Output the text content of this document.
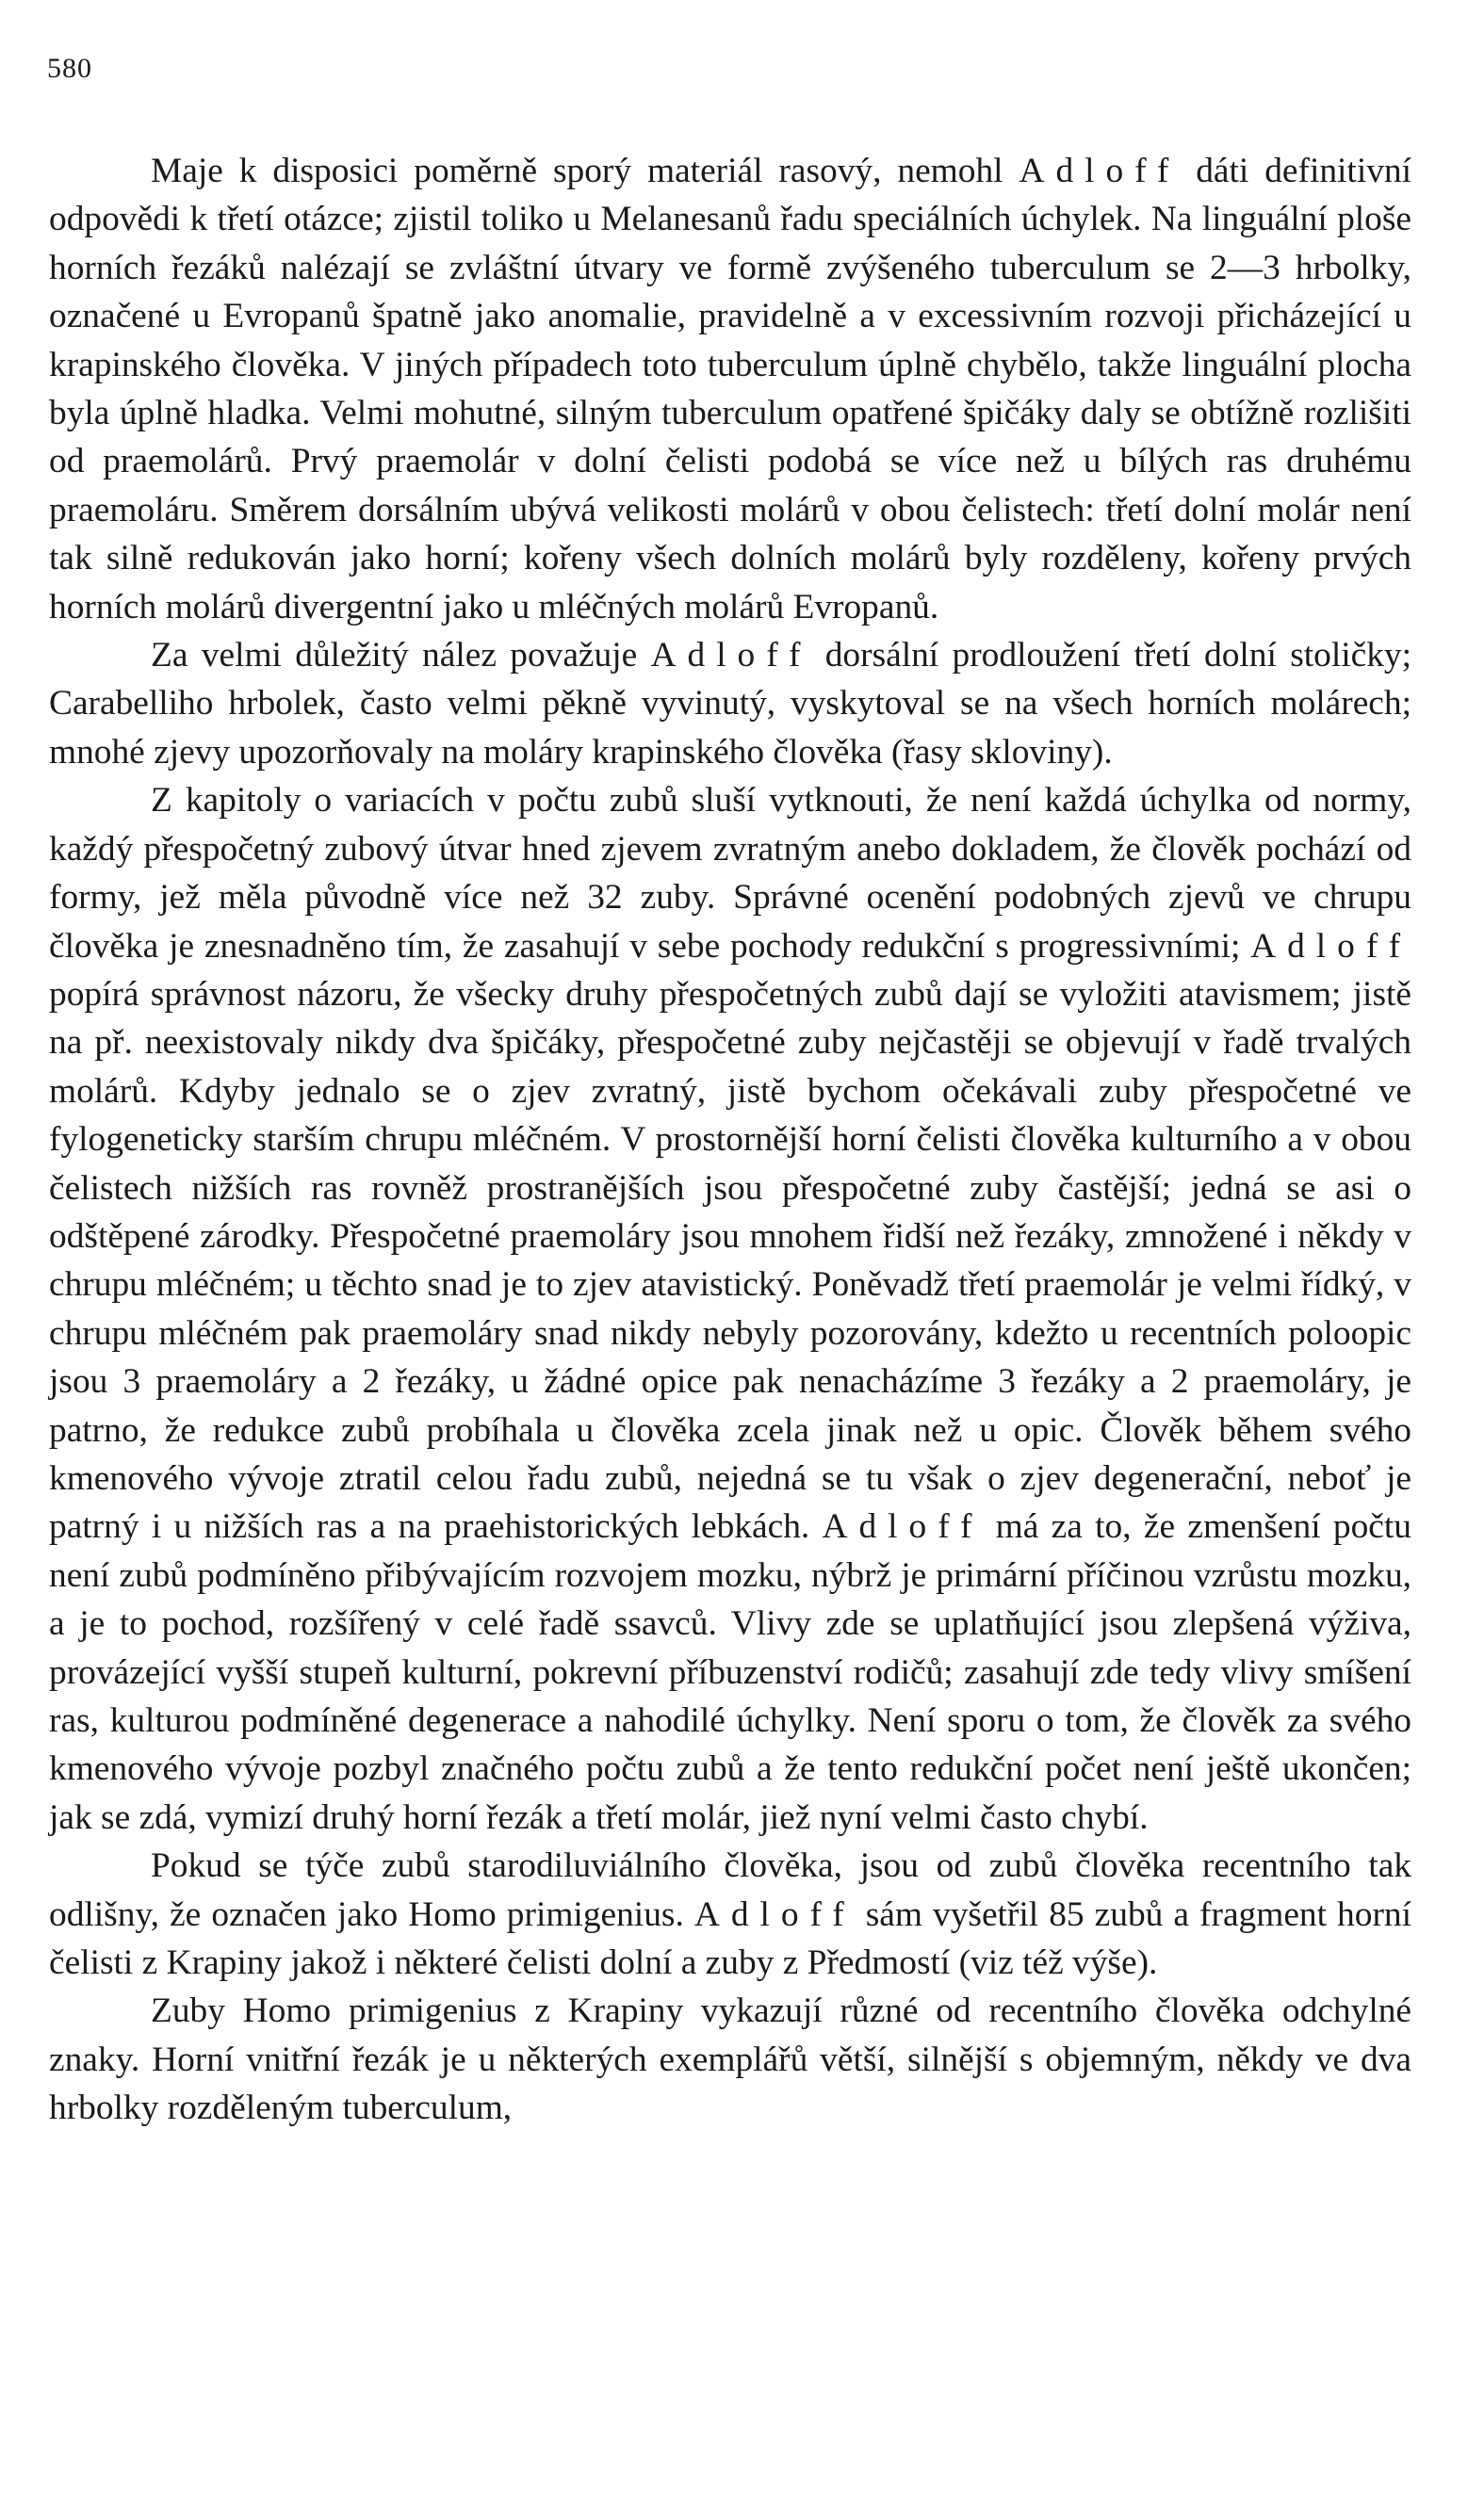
580

Maje k disposici poměrně sporý materiál rasový, nemohl Adloff dáti definitivní odpovědi k třetí otázce; zjistil toliko u Melanesanů řadu speciálních úchylek. Na linguální ploše horních řezáků nalézají se zvláštní útvary ve formě zvýšeného tuberculum se 2—3 hrbolky, označené u Evropanů špatně jako anomalie, pravidelně a v excessivním rozvoji přicházející u krapinského člověka. V jiných případech toto tuberculum úplně chybělo, takže linguální plocha byla úplně hladka. Velmi mohutné, silným tuberculum opatřené špičáky daly se obtížně rozlišiti od praemolárů. Prvý praemolár v dolní čelisti podobá se více než u bílých ras druhému praemoláru. Směrem dorsálním ubývá velikosti molárů v obou čelistech: třetí dolní molár není tak silně redukován jako horní; kořeny všech dolních molárů byly rozděleny, kořeny prvých horních molárů divergentní jako u mléčných molárů Evropanů.

Za velmi důležitý nález považuje Adloff dorsální prodloužení třetí dolní stoličky; Carabelliho hrbolek, často velmi pěkně vyvinutý, vyskytoval se na všech horních molárech; mnohé zjevy upozorňovaly na moláry krapinského člověka (řasy skloviny).

Z kapitoly o variacích v počtu zubů sluší vytknouti, že není každá úchylka od normy, každý přespočetný zubový útvar hned zjevem zvratným anebo dokladem, že člověk pochází od formy, jež měla původně více než 32 zuby. Správné ocenění podobných zjevů ve chrupu člověka je znesnadněno tím, že zasahují v sebe pochody redukční s progressivními; Adloff popírá správnost názoru, že všecky druhy přespočetných zubů dají se vyložiti atavismem; jistě na př. neexistovaly nikdy dva špičáky, přespočetné zuby nejčastěji se objevují v řadě trvalých molárů. Kdyby jednalo se o zjev zvratný, jistě bychom očekávali zuby přespočetné ve fylogeneticky starším chrupu mléčném. V prostornější horní čelisti člověka kulturního a v obou čelistech nižších ras rovněž prostranějších jsou přespočetné zuby častější; jedná se asi o odštěpené zárodky. Přespočetné praemoláry jsou mnohem řidší než řezáky, zmnožené i někdy v chrupu mléčném; u těchto snad je to zjev atavistický. Poněvadž třetí praemolár je velmi řídký, v chrupu mléčném pak praemoláry snad nikdy nebyly pozorovány, kdežto u recentních poloopic jsou 3 praemoláry a 2 řezáky, u žádné opice pak nenacházíme 3 řezáky a 2 praemoláry, je patrno, že redukce zubů probíhala u člověka zcela jinak než u opic. Člověk během svého kmenového vývoje ztratil celou řadu zubů, nejedná se tu však o zjev degenerační, neboť je patrný i u nižších ras a na praehistorických lebkách. Adloff má za to, že zmenšení počtu není zubů podmíněno přibývajícím rozvojem mozku, nýbrž je primární příčinou vzrůstu mozku, a je to pochod, rozšířený v celé řadě ssavců. Vlivy zde se uplatňující jsou zlepšená výživa, provázející vyšší stupeň kulturní, pokrevní příbuzenství rodičů; zasahují zde tedy vlivy smíšení ras, kulturou podmíněné degenerace a nahodilé úchylky. Není sporu o tom, že člověk za svého kmenového vývoje pozbyl značného počtu zubů a že tento redukční počet není ještě ukončen; jak se zdá, vymizí druhý horní řezák a třetí molár, jiež nyní velmi často chybí.

Pokud se týče zubů starodiluviálního člověka, jsou od zubů člověka recentního tak odlišny, že označen jako Homo primigenius. Adloff sám vyšetřil 85 zubů a fragment horní čelisti z Krapiny jakož i některé čelisti dolní a zuby z Předmostí (viz též výše).

Zuby Homo primigenius z Krapiny vykazují různé od recentního člověka odchylné znaky. Horní vnitřní řezák je u některých exemplářů větší, silnější s objemným, někdy ve dva hrbolky rozděleným tuberculum,
